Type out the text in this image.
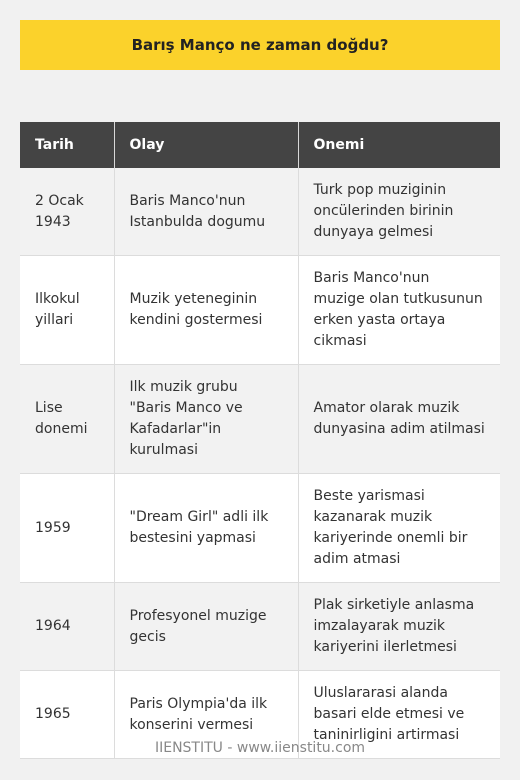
Barış Manço ne zaman doğdu?
Tarih	Olay	Onemi
2 Ocak 1943	Baris Manco'nun Istanbulda dogumu	Turk pop muziginin oncülerinden birinin dunyaya gelmesi
Ilkokul yillari	Muzik yeteneginin kendini gostermesi	Baris Manco'nun muzige olan tutkusunun erken yasta ortaya cikmasi
Lise donemi	Ilk muzik grubu "Baris Manco ve Kafadarlar"in kurulmasi	Amator olarak muzik dunyasina adim atilmasi
1959	"Dream Girl" adli ilk bestesini yapmasi	Beste yarismasi kazanarak muzik kariyerinde onemli bir adim atmasi
1964	Profesyonel muzige gecis	Plak sirketiyle anlasma imzalayarak muzik kariyerini ilerletmesi
1965	Paris Olympia'da ilk konserini vermesi	Uluslararasi alanda basari elde etmesi ve taninirligini artirmasi
IIENSTITU - www.iienstitu.com
